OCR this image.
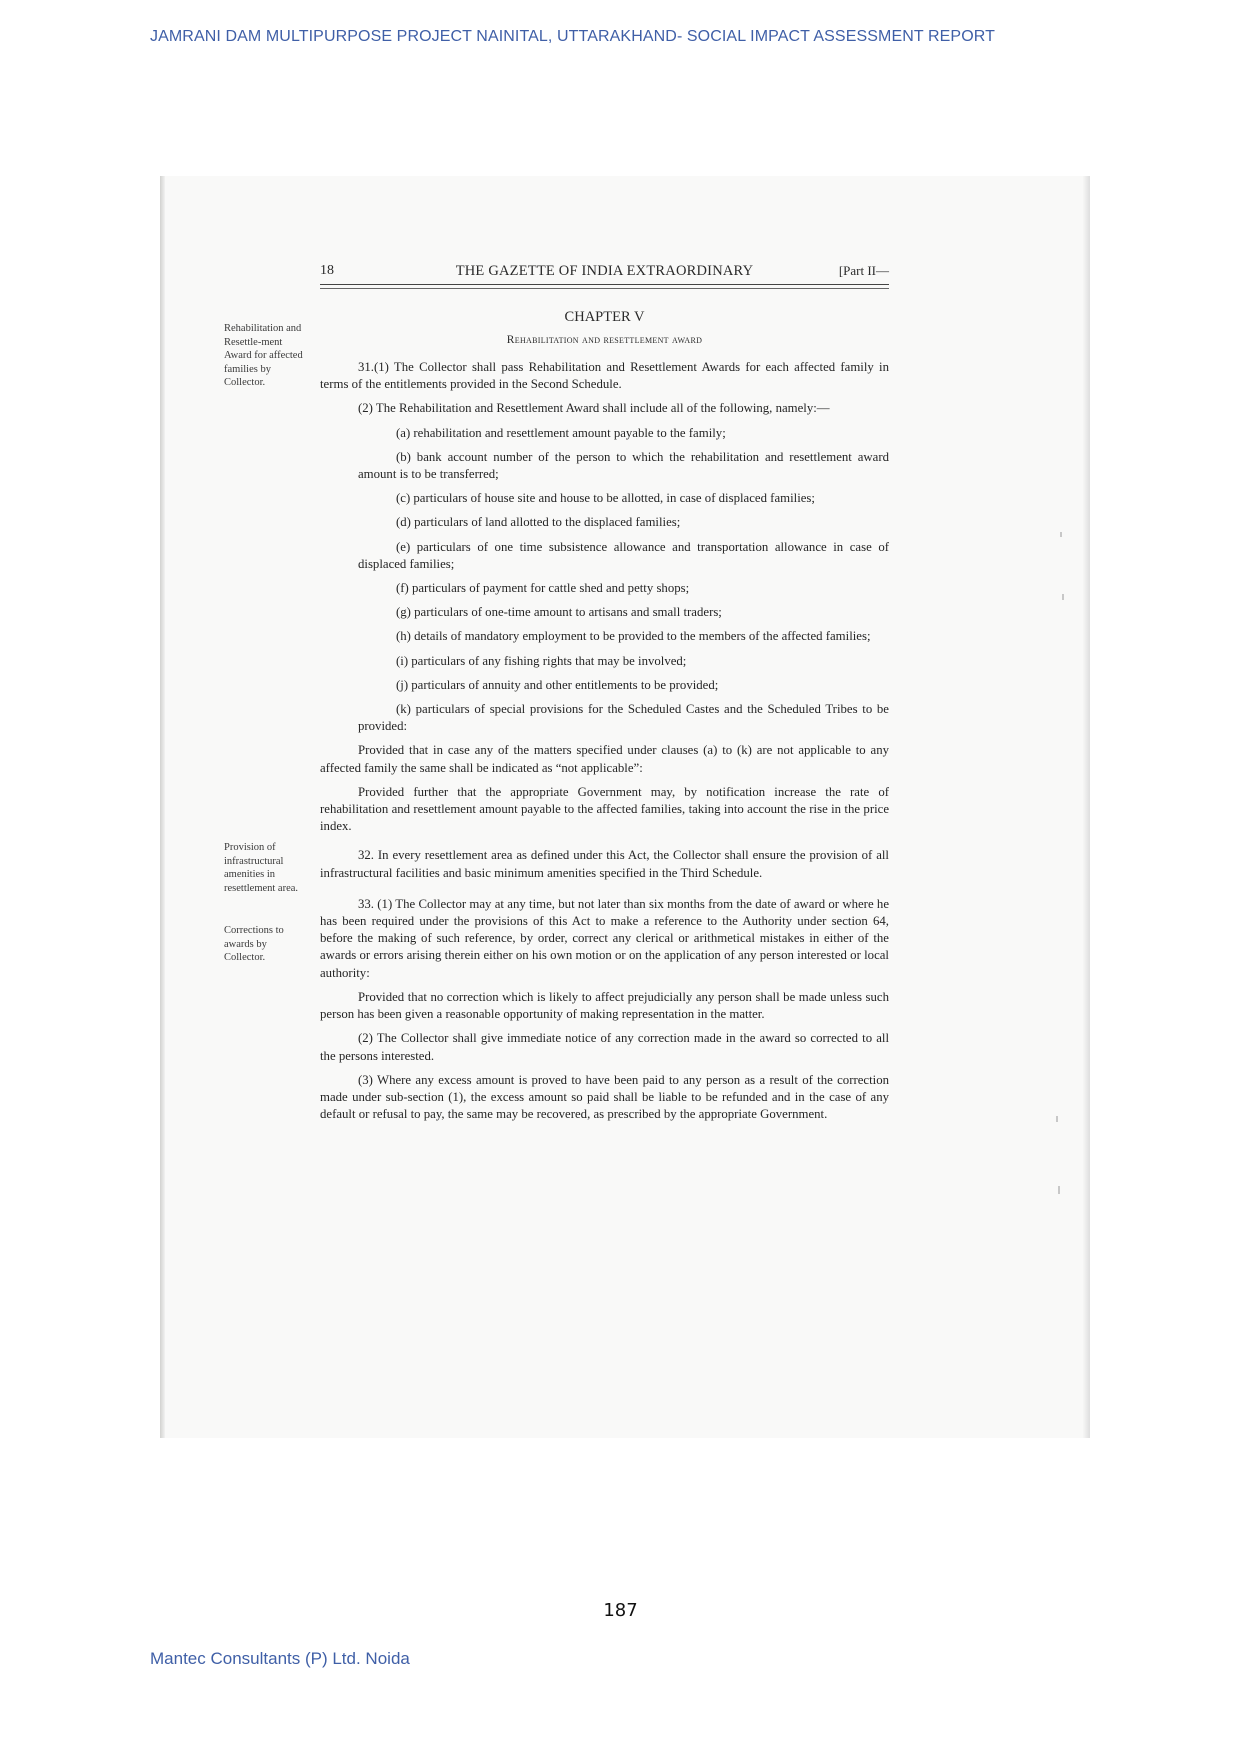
JAMRANI DAM MULTIPURPOSE PROJECT NAINITAL, UTTARAKHAND- SOCIAL IMPACT ASSESSMENT REPORT
18	THE GAZETTE OF INDIA EXTRAORDINARY	[Part II—
CHAPTER V
Rehabilitation and resettlement award
Rehabilitation and Resettle-ment Award for affected families by Collector.
Provision of infrastructural amenities in resettlement area.
Corrections to awards by Collector.

31.(1) The Collector shall pass Rehabilitation and Resettlement Awards for each affected family in terms of the entitlements provided in the Second Schedule.

(2) The Rehabilitation and Resettlement Award shall include all of the following, namely:—

(a) rehabilitation and resettlement amount payable to the family;

(b) bank account number of the person to which the rehabilitation and resettlement award amount is to be transferred;

(c) particulars of house site and house to be allotted, in case of displaced families;

(d) particulars of land allotted to the displaced families;

(e) particulars of one time subsistence allowance and transportation allowance in case of displaced families;

(f) particulars of payment for cattle shed and petty shops;

(g) particulars of one-time amount to artisans and small traders;

(h) details of mandatory employment to be provided to the members of the affected families;

(i) particulars of any fishing rights that may be involved;

(j) particulars of annuity and other entitlements to be provided;

(k) particulars of special provisions for the Scheduled Castes and the Scheduled Tribes to be provided:

Provided that in case any of the matters specified under clauses (a) to (k) are not applicable to any affected family the same shall be indicated as “not applicable”:

Provided further that the appropriate Government may, by notification increase the rate of rehabilitation and resettlement amount payable to the affected families, taking into account the rise in the price index.

32. In every resettlement area as defined under this Act, the Collector shall ensure the provision of all infrastructural facilities and basic minimum amenities specified in the Third Schedule.

33. (1) The Collector may at any time, but not later than six months from the date of award or where he has been required under the provisions of this Act to make a reference to the Authority under section 64, before the making of such reference, by order, correct any clerical or arithmetical mistakes in either of the awards or errors arising therein either on his own motion or on the application of any person interested or local authority:

Provided that no correction which is likely to affect prejudicially any person shall be made unless such person has been given a reasonable opportunity of making representation in the matter.

(2) The Collector shall give immediate notice of any correction made in the award so corrected to all the persons interested.

(3) Where any excess amount is proved to have been paid to any person as a result of the correction made under sub-section (1), the excess amount so paid shall be liable to be refunded and in the case of any default or refusal to pay, the same may be recovered, as prescribed by the appropriate Government.

187
Mantec Consultants (P) Ltd. Noida
